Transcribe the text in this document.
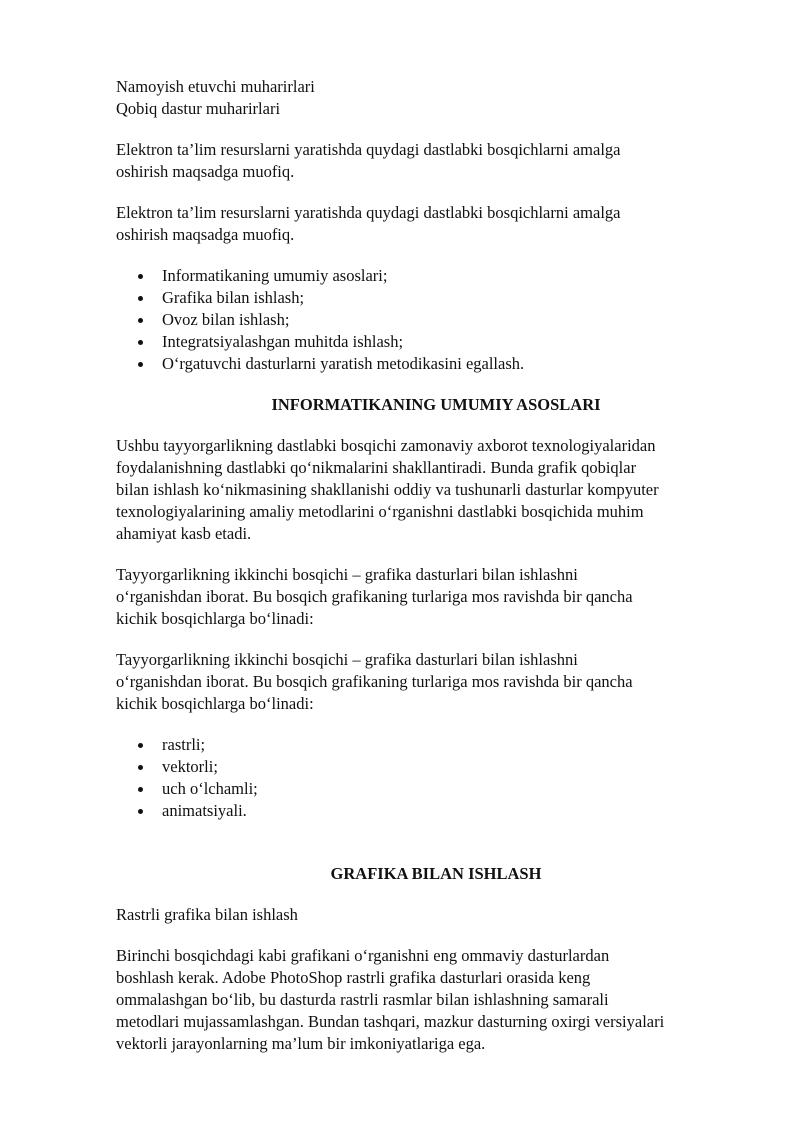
Namoyish etuvchi muharirlari
Qobiq dastur muharirlari

Elektron ta’lim resurslarni yaratishda quydagi dastlabki bosqichlarni amalga
oshirish maqsadga muofiq.

Elektron ta’lim resurslarni yaratishda quydagi dastlabki bosqichlarni amalga
oshirish maqsadga muofiq.

Informatikaning umumiy asoslari;
Grafika bilan ishlash;
Ovoz bilan ishlash;
Integratsiyalashgan muhitda ishlash;
O‘rgatuvchi dasturlarni yaratish metodikasini egallash.
INFORMATIKANING UMUMIY ASOSLARI

Ushbu tayyorgarlikning dastlabki bosqichi zamonaviy axborot texnologiyalaridan
foydalanishning dastlabki qo‘nikmalarini shakllantiradi. Bunda grafik qobiqlar
bilan ishlash ko‘nikmasining shakllanishi oddiy va tushunarli dasturlar kompyuter
texnologiyalarining amaliy metodlarini o‘rganishni dastlabki bosqichida muhim
ahamiyat kasb etadi.

Tayyorgarlikning ikkinchi bosqichi – grafika dasturlari bilan ishlashni
o‘rganishdan iborat. Bu bosqich grafikaning turlariga mos ravishda bir qancha
kichik bosqichlarga bo‘linadi:

Tayyorgarlikning ikkinchi bosqichi – grafika dasturlari bilan ishlashni
o‘rganishdan iborat. Bu bosqich grafikaning turlariga mos ravishda bir qancha
kichik bosqichlarga bo‘linadi:

rastrli;
vektorli;
uch o‘lchamli;
animatsiyali.
GRAFIKA BILAN ISHLASH

Rastrli grafika bilan ishlash

Birinchi bosqichdagi kabi grafikani o‘rganishni eng ommaviy dasturlardan
boshlash kerak. Adobe PhotoShop rastrli grafika dasturlari orasida keng
ommalashgan bo‘lib, bu dasturda rastrli rasmlar bilan ishlashning samarali
metodlari mujassamlashgan. Bundan tashqari, mazkur dasturning oxirgi versiyalari
vektorli jarayonlarning ma’lum bir imkoniyatlariga ega.
